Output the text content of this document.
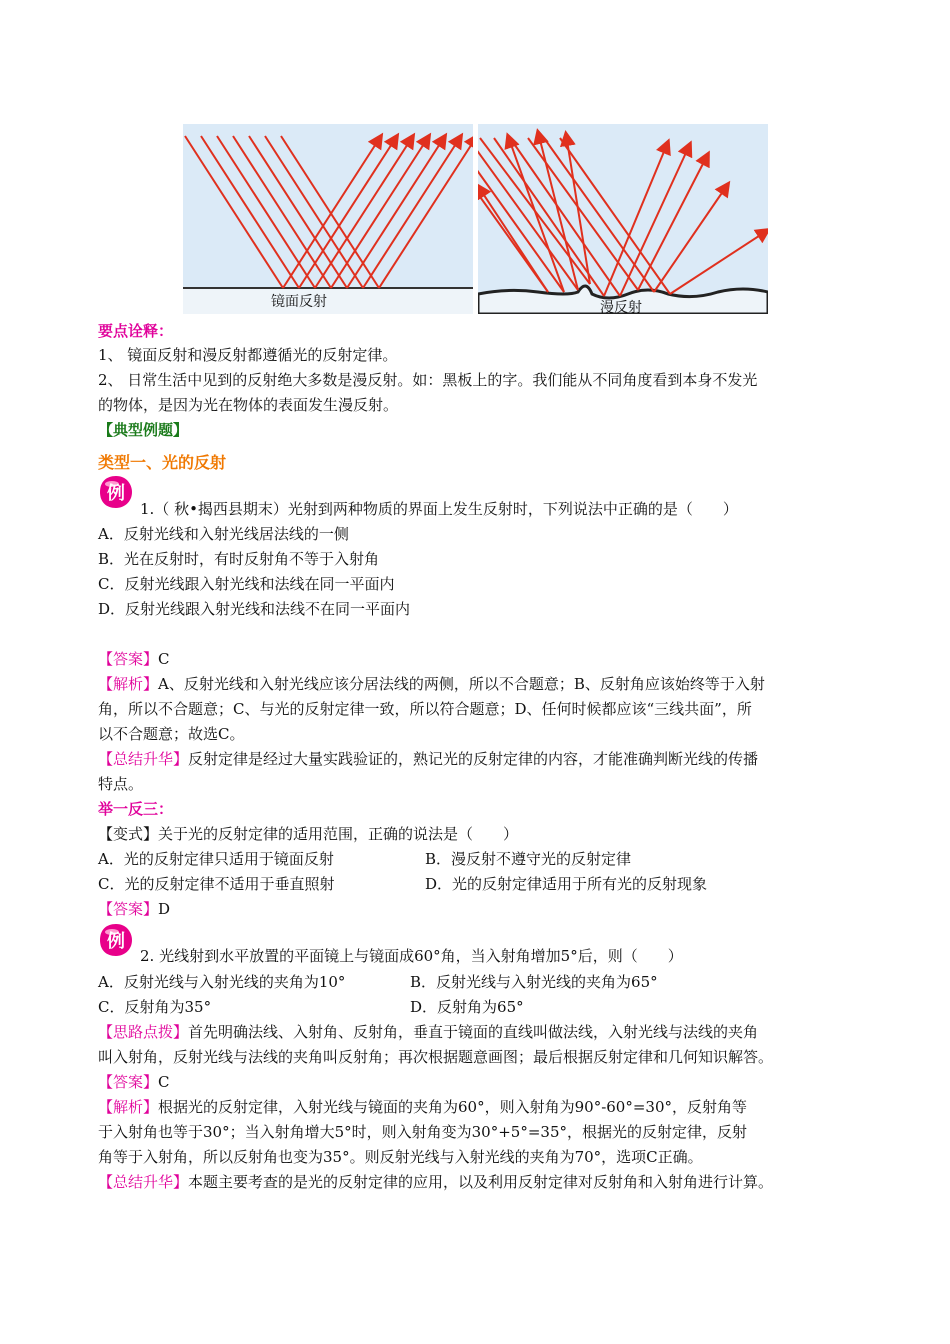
镜面反射	漫反射
要点诠释：
1、 镜面反射和漫反射都遵循光的反射定律。
2、 日常生活中见到的反射绝大多数是漫反射。如：黑板上的字。我们能从不同角度看到本身不发光
的物体，是因为光在物体的表面发生漫反射。
【典型例题】
类型一、光的反射
例
1.（ 秋•揭西县期末）光射到两种物质的界面上发生反射时，下列说法中正确的是（　　）
A．反射光线和入射光线居法线的一侧
B．光在反射时，有时反射角不等于入射角
C．反射光线跟入射光线和法线在同一平面内
D．反射光线跟入射光线和法线不在同一平面内
【答案】C
【解析】A、反射光线和入射光线应该分居法线的两侧，所以不合题意；B、反射角应该始终等于入射
角，所以不合题意；C、与光的反射定律一致，所以符合题意；D、任何时候都应该“三线共面”，所
以不合题意；故选C。
【总结升华】反射定律是经过大量实践验证的，熟记光的反射定律的内容，才能准确判断光线的传播
特点。
举一反三：
【变式】关于光的反射定律的适用范围，正确的说法是（　　）
A．光的反射定律只适用于镜面反射	B．漫反射不遵守光的反射定律
C．光的反射定律不适用于垂直照射	D．光的反射定律适用于所有光的反射现象
【答案】D
例
2. 光线射到水平放置的平面镜上与镜面成60°角，当入射角增加5°后，则（　　）
A．反射光线与入射光线的夹角为10°	B．反射光线与入射光线的夹角为65°
C．反射角为35°	D．反射角为65°
【思路点拨】首先明确法线、入射角、反射角，垂直于镜面的直线叫做法线，入射光线与法线的夹角
叫入射角，反射光线与法线的夹角叫反射角；再次根据题意画图；最后根据反射定律和几何知识解答。
【答案】C
【解析】根据光的反射定律，入射光线与镜面的夹角为60°，则入射角为90°-60°=30°，反射角等
于入射角也等于30°；当入射角增大5°时，则入射角变为30°+5°=35°，根据光的反射定律，反射
角等于入射角，所以反射角也变为35°。则反射光线与入射光线的夹角为70°，选项C正确。
【总结升华】本题主要考查的是光的反射定律的应用，以及利用反射定律对反射角和入射角进行计算。
